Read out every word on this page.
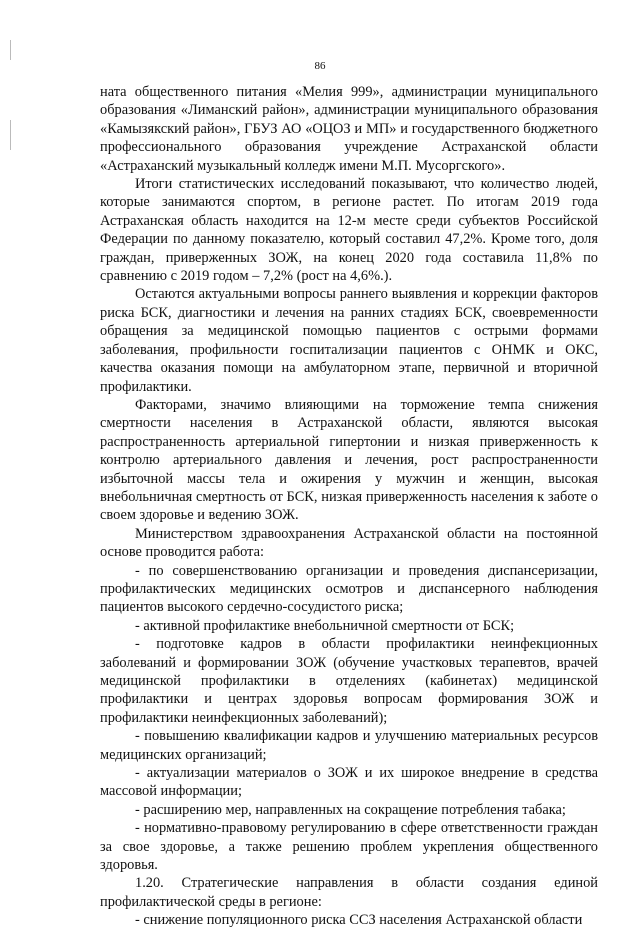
86

ната общественного питания «Мелия 999», администрации муниципального образования «Лиманский район», администрации муниципального образования «Камызякский район», ГБУЗ АО «ОЦОЗ и МП» и государственного бюджетного профессионального образования учреждение Астраханской области «Астраханский музыкальный колледж имени М.П. Мусоргского».

Итоги статистических исследований показывают, что количество людей, которые занимаются спортом, в регионе растет. По итогам 2019 года Астраханская область находится на 12-м месте среди субъектов Российской Федерации по данному показателю, который составил 47,2%. Кроме того, доля граждан, приверженных ЗОЖ, на конец 2020 года составила 11,8% по сравнению с 2019 годом – 7,2% (рост на 4,6%.).

Остаются актуальными вопросы раннего выявления и коррекции факторов риска БСК, диагностики и лечения на ранних стадиях БСК, своевременности обращения за медицинской помощью пациентов с острыми формами заболевания, профильности госпитализации пациентов с ОНМК и ОКС, качества оказания помощи на амбулаторном этапе, первичной и вторичной профилактики.

Факторами, значимо влияющими на торможение темпа снижения смертности населения в Астраханской области, являются высокая распространенность артериальной гипертонии и низкая приверженность к контролю артериального давления и лечения, рост распространенности избыточной массы тела и ожирения у мужчин и женщин, высокая внебольничная смертность от БСК, низкая приверженность населения к заботе о своем здоровье и ведению ЗОЖ.

Министерством здравоохранения Астраханской области на постоянной основе проводится работа:

- по совершенствованию организации и проведения диспансеризации, профилактических медицинских осмотров и диспансерного наблюдения пациентов высокого сердечно-сосудистого риска;

- активной профилактике внебольничной смертности от БСК;

- подготовке кадров в области профилактики неинфекционных заболеваний и формировании ЗОЖ (обучение участковых терапевтов, врачей медицинской профилактики в отделениях (кабинетах) медицинской профилактики и центрах здоровья вопросам формирования ЗОЖ и профилактики неинфекционных заболеваний);

- повышению квалификации кадров и улучшению материальных ресурсов медицинских организаций;

- актуализации материалов о ЗОЖ и их широкое внедрение в средства массовой информации;

- расширению мер, направленных на сокращение потребления табака;

- нормативно-правовому регулированию в сфере ответственности граждан за свое здоровье, а также решению проблем укрепления общественного здоровья.

1.20. Стратегические направления в области создания единой профилактической среды в регионе:

- снижение популяционного риска ССЗ населения Астраханской области
